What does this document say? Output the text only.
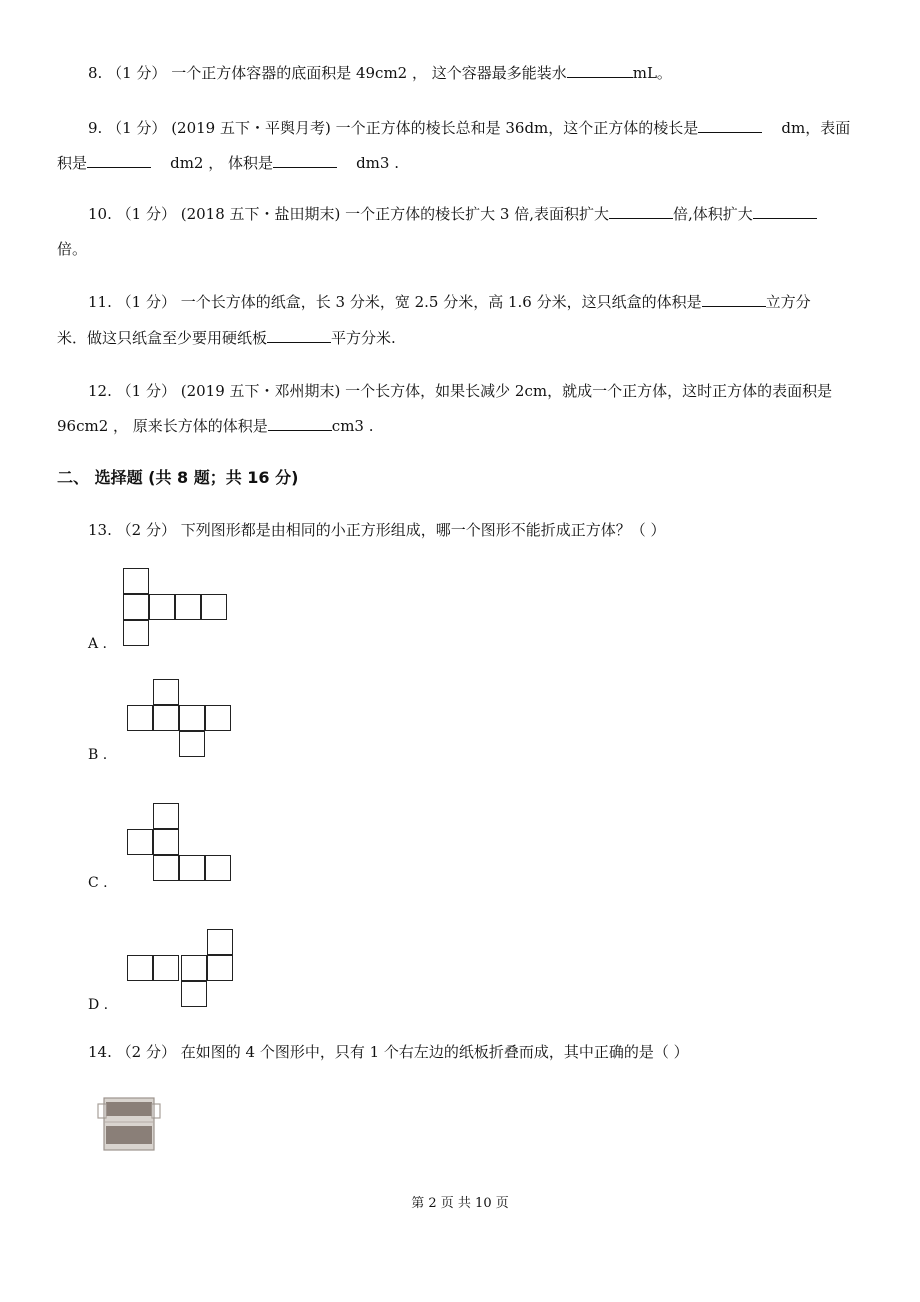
8. （1 分） 一个正方体容器的底面积是 49cm2 ， 这个容器最多能装水	mL。
9. （1 分） (2019 五下・平舆月考) 一个正方体的棱长总和是 36dm，这个正方体的棱长是	dm，表面
积是	dm2 ， 体积是	dm3 .
10. （1 分） (2018 五下・盐田期末) 一个正方体的棱长扩大 3 倍,表面积扩大	倍,体积扩大
倍。
11. （1 分） 一个长方体的纸盒，长 3 分米，宽 2.5 分米，高 1.6 分米，这只纸盒的体积是	立方分
米．做这只纸盒至少要用硬纸板	平方分米.
12. （1 分） (2019 五下・邓州期末) 一个长方体，如果长减少 2cm，就成一个正方体，这时正方体的表面积是
96cm2 ， 原来长方体的体积是	cm3 .
二、 选择题 (共 8 题；共 16 分)
13. （2 分） 下列图形都是由相同的小正方形组成，哪一个图形不能折成正方体？（ ）
A .
B .
C .
D .
14. （2 分） 在如图的 4 个图形中，只有 1 个右左边的纸板折叠而成，其中正确的是（ ）
第 2 页 共 10 页
